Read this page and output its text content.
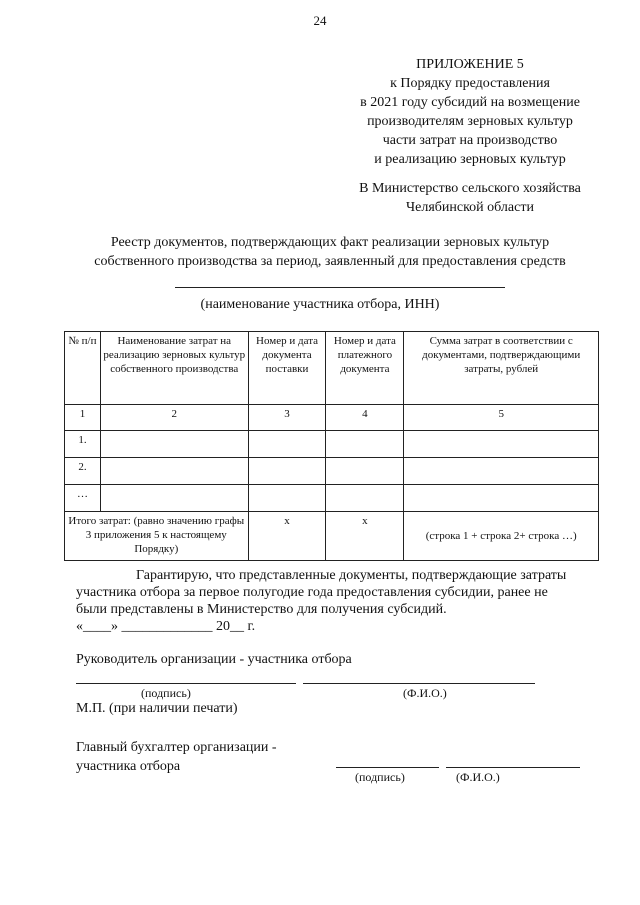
24
ПРИЛОЖЕНИЕ 5
к Порядку предоставления
в 2021 году субсидий на возмещение
производителям зерновых культур
части затрат на производство
и реализацию зерновых культур
В Министерство сельского хозяйства
Челябинской области
Реестр документов, подтверждающих факт реализации зерновых культур
собственного производства за период, заявленный для предоставления средств
(наименование участника отбора, ИНН)
№ п/п	Наименование затрат на реализацию зерновых культур собственного производства	Номер и дата документа поставки	Номер и дата платежного документа	Сумма затрат в соответствии с документами, подтверждающими затраты, рублей
1	2	3	4	5
1.				
2.				
…				
Итого затрат: (равно значению графы 3 приложения 5 к настоящему Порядку)		x	x	(строка 1 + строка 2+ строка …)
Гарантирую, что представленные документы, подтверждающие затраты
участника отбора за первое полугодие года предоставления субсидии, ранее не
были представлены в Министерство для получения субсидий.
«____» _____________ 20__ г.
Руководитель организации - участника отбора
(подпись)	(Ф.И.О.)
М.П. (при наличии печати)
Главный бухгалтер организации -
участника отбора
(подпись)	(Ф.И.О.)
